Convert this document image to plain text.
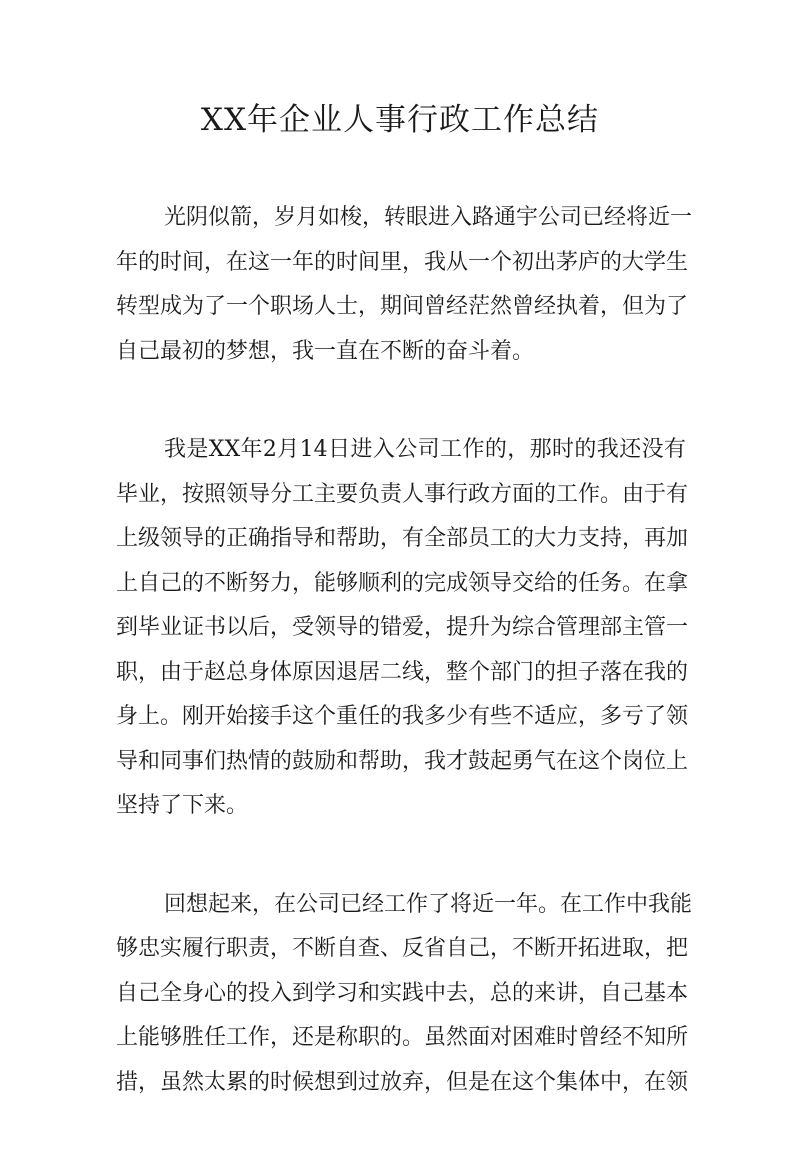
XX年企业人事行政工作总结
光阴似箭，岁月如梭，转眼进入路通宇公司已经将近一
年的时间，在这一年的时间里，我从一个初出茅庐的大学生
转型成为了一个职场人士，期间曾经茫然曾经执着，但为了
自己最初的梦想，我一直在不断的奋斗着。
我是XX年2月14日进入公司工作的，那时的我还没有
毕业，按照领导分工主要负责人事行政方面的工作。由于有
上级领导的正确指导和帮助，有全部员工的大力支持，再加
上自己的不断努力，能够顺利的完成领导交给的任务。在拿
到毕业证书以后，受领导的错爱，提升为综合管理部主管一
职，由于赵总身体原因退居二线，整个部门的担子落在我的
身上。刚开始接手这个重任的我多少有些不适应，多亏了领
导和同事们热情的鼓励和帮助，我才鼓起勇气在这个岗位上
坚持了下来。
回想起来，在公司已经工作了将近一年。在工作中我能
够忠实履行职责，不断自查、反省自己，不断开拓进取，把
自己全身心的投入到学习和实践中去，总的来讲，自己基本
上能够胜任工作，还是称职的。虽然面对困难时曾经不知所
措，虽然太累的时候想到过放弃，但是在这个集体中，在领
